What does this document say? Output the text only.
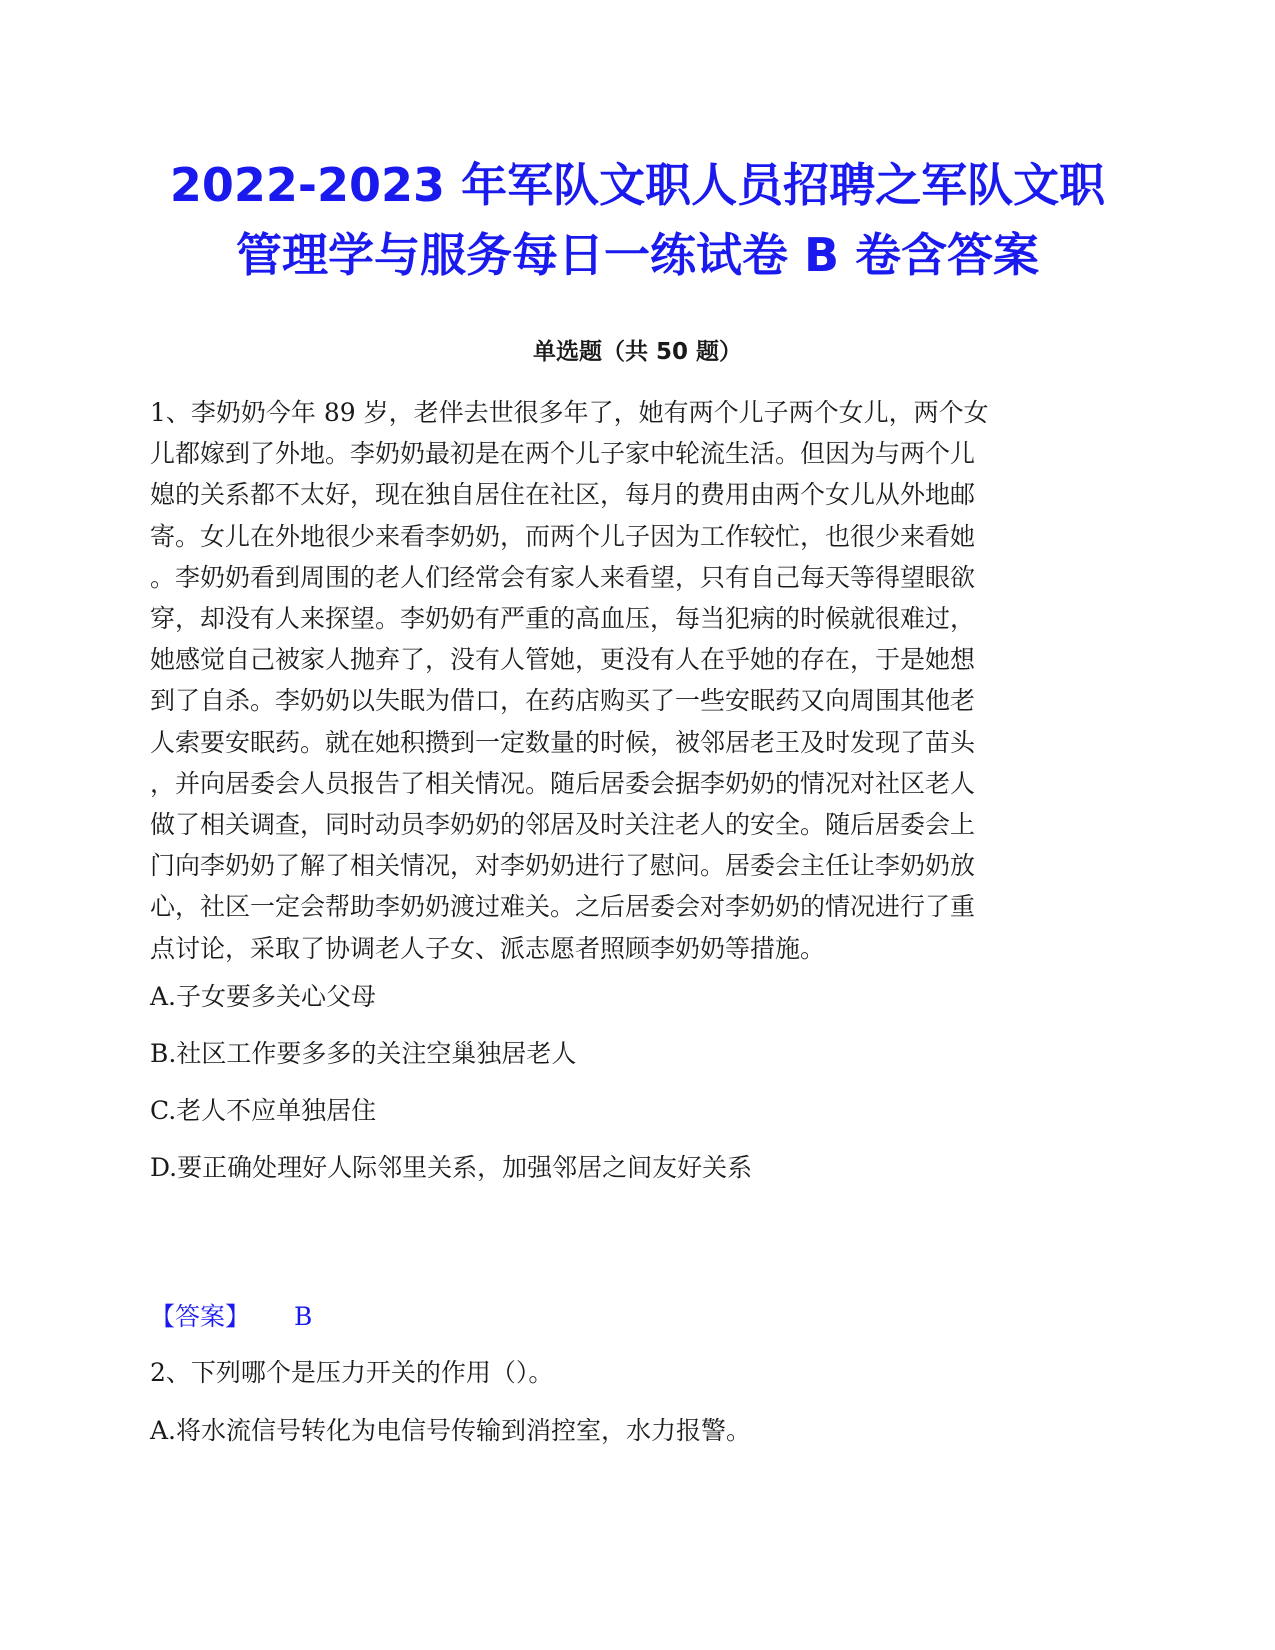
2022-2023 年军队文职人员招聘之军队文职
管理学与服务每日一练试卷 B 卷含答案
单选题（共 50 题）
1、李奶奶今年 89 岁，老伴去世很多年了，她有两个儿子两个女儿，两个女
儿都嫁到了外地。李奶奶最初是在两个儿子家中轮流生活。但因为与两个儿
媳的关系都不太好，现在独自居住在社区，每月的费用由两个女儿从外地邮
寄。女儿在外地很少来看李奶奶，而两个儿子因为工作较忙，也很少来看她
。李奶奶看到周围的老人们经常会有家人来看望，只有自己每天等得望眼欲
穿，却没有人来探望。李奶奶有严重的高血压，每当犯病的时候就很难过，
她感觉自己被家人抛弃了，没有人管她，更没有人在乎她的存在，于是她想
到了自杀。李奶奶以失眠为借口，在药店购买了一些安眠药又向周围其他老
人索要安眠药。就在她积攒到一定数量的时候，被邻居老王及时发现了苗头
，并向居委会人员报告了相关情况。随后居委会据李奶奶的情况对社区老人
做了相关调查，同时动员李奶奶的邻居及时关注老人的安全。随后居委会上
门向李奶奶了解了相关情况，对李奶奶进行了慰问。居委会主任让李奶奶放
心，社区一定会帮助李奶奶渡过难关。之后居委会对李奶奶的情况进行了重
点讨论，采取了协调老人子女、派志愿者照顾李奶奶等措施。

A.子女要多关心父母

B.社区工作要多多的关注空巢独居老人

C.老人不应单独居住

D.要正确处理好人际邻里关系，加强邻居之间友好关系

【答案】 B

2、下列哪个是压力开关的作用（）。

A.将水流信号转化为电信号传输到消控室，水力报警。
